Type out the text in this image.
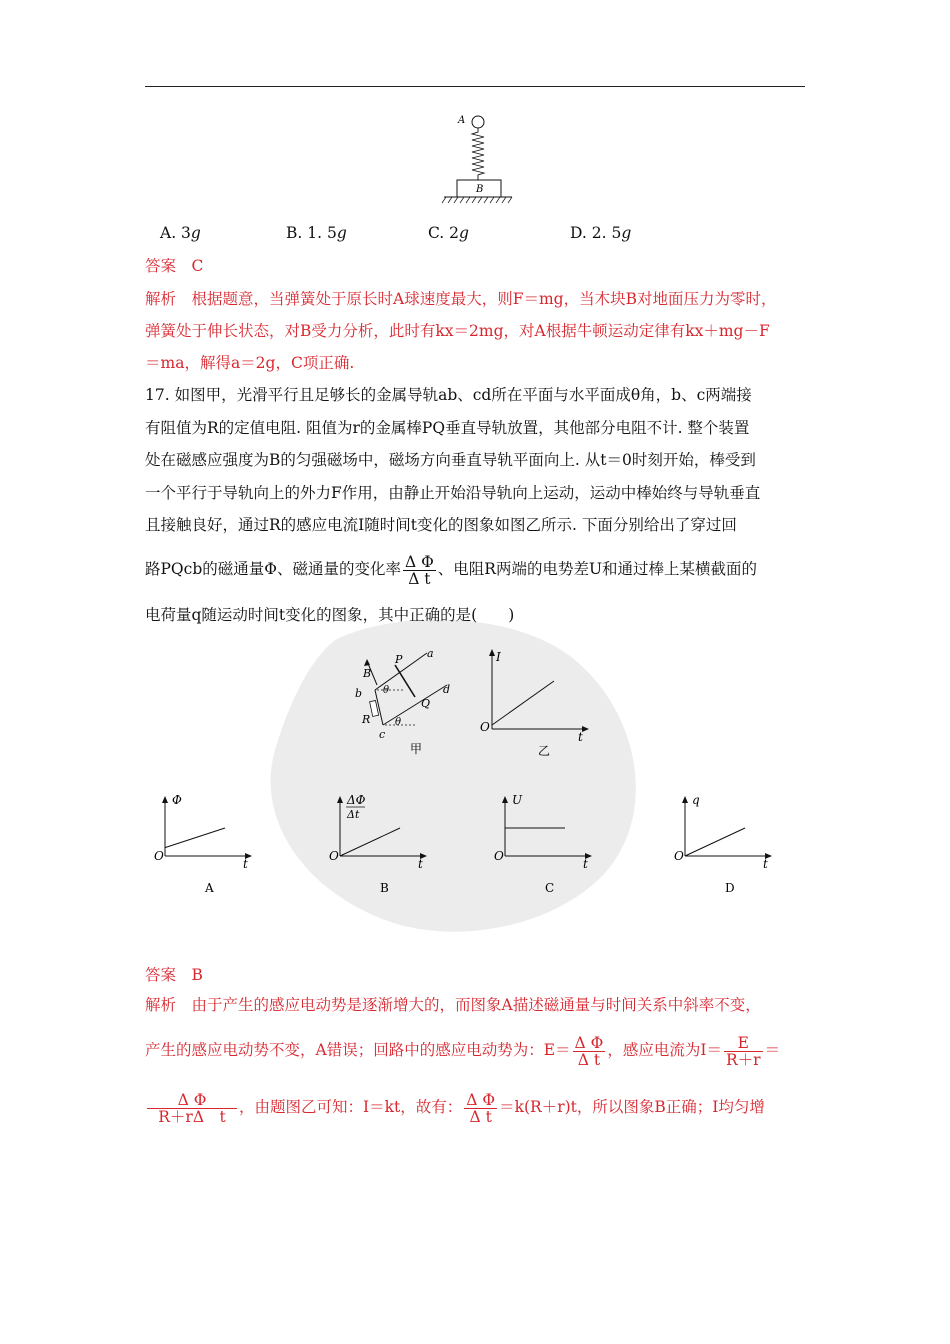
A
B
A. 3g	B. 1. 5g	C. 2g	D. 2. 5g
答案　 C
解析　 根据题意，当弹簧处于原长时A球速度最大，则F＝mg，当木块B对地面压力为零时，
弹簧处于伸长状态，对B受力分析，此时有kx＝2mg，对A根据牛顿运动定律有kx＋mg－F
＝ma，解得a＝2g，C项正确.
17. 如图甲，光滑平行且足够长的金属导轨ab、cd所在平面与水平面成θ角，b、c两端接
有阻值为R的定值电阻. 阻值为r的金属棒PQ垂直导轨放置，其他部分电阻不计. 整个装置
处在磁感应强度为B的匀强磁场中，磁场方向垂直导轨平面向上. 从t＝0时刻开始，棒受到
一个平行于导轨向上的外力F作用，由静止开始沿导轨向上运动，运动中棒始终与导轨垂直
且接触良好，通过R的感应电流I随时间t变化的图象如图乙所示. 下面分别给出了穿过回
路PQcb的磁通量Φ、磁通量的变化率 $\frac{\text{Δ Φ}}{\text{Δ t}}$ 、电阻R两端的电势差U和通过棒上某横截面的
电荷量q随运动时间t变化的图象，其中正确的是(　　)
B
P a
b θ	d
Q
R θ
c
甲
I
O
t
乙
O
t
Φ
A
O
t
ΔΦ
Δt
B
O
t
U
C
O
t
q
D
答案　 B
解析　 由于产生的感应电动势是逐渐增大的，而图象A描述磁通量与时间关系中斜率不变，
产生的感应电动势不变，A错误；回路中的感应电动势为：$E= \frac{\text{Δ Φ}}{\text{Δ t}}$ ，感应电流为$I= \frac{E}{R+r}$ ＝
$\frac{\text{Δ Φ}}{\text{R＋rΔ　t}}$ ，由题图乙可知：I＝kt，故有： $\frac{\text{Δ Φ}}{\text{Δ t}} =k(R+r)t$，所以图象B正确；I均匀增
